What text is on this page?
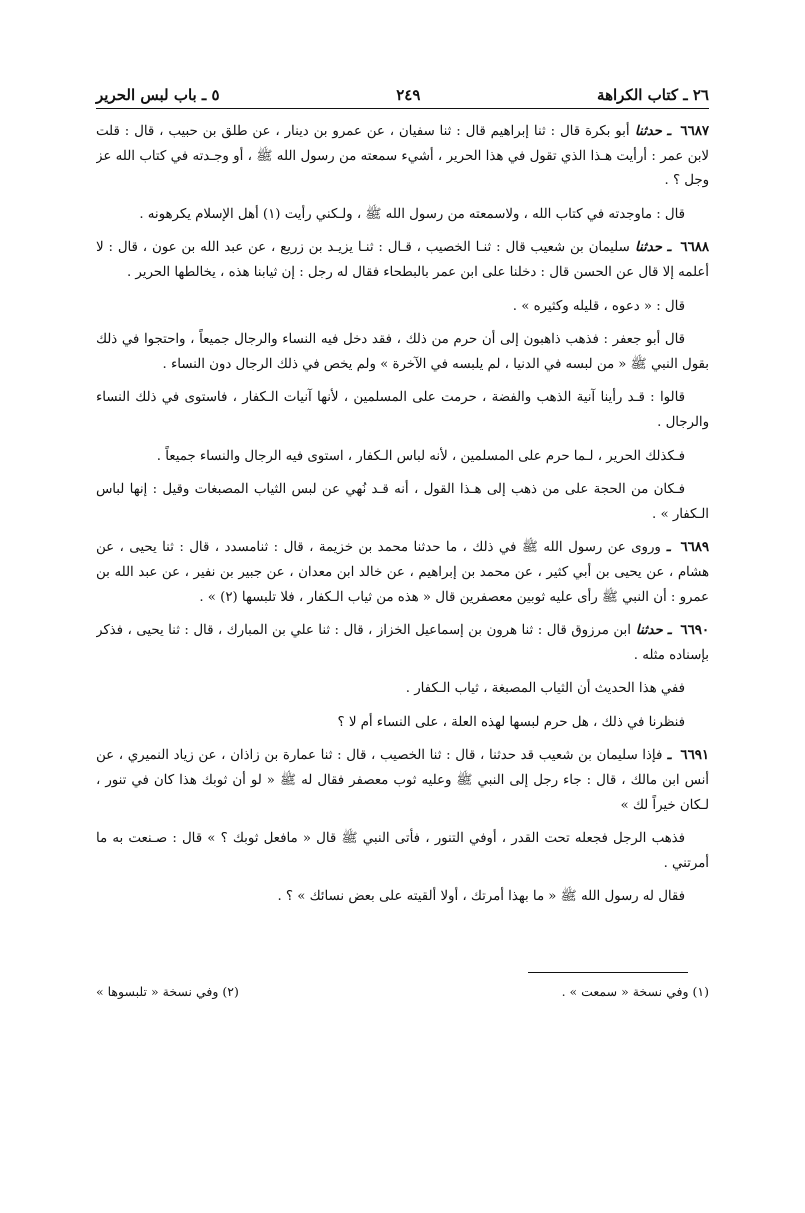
٢٦ ـ كتاب الكراهة
٢٤٩
٥ ـ باب لبس الحرير

٦٦٨٧ ـ حدثنا أبو بكرة قال : ثنا إبراهيم قال : ثنا سفيان ، عن عمرو بن دينار ، عن طلق بن حبيب ، قال : قلت لابن عمر : أرأيت هـذا الذي تقول في هذا الحرير ، أشيء سمعته من رسول الله ﷺ ، أو وجـدته في كتاب الله عز وجل ؟ .

قال : ماوجدته في كتاب الله ، ولاسمعته من رسول الله ﷺ ، ولـكني رأيت (١) أهل الإسلام يكرهونه .

٦٦٨٨ ـ حدثنا سليمان بن شعيب قال : ثنـا الخصيب ، قـال : ثنـا يزيـد بن زريع ، عن عبد الله بن عون ، قال : لا أعلمه إلا قال عن الحسن قال : دخلنا على ابن عمر بالبطحاء فقال له رجل : إن ثيابنا هذه ، يخالطها الحرير .

قال : « دعوه ، قليله وكثيره » .

قال أبو جعفر : فذهب ذاهبون إلى أن حرم من ذلك ، فقد دخل فيه النساء والرجال جميعاً ، واحتجوا في ذلك بقول النبي ﷺ « من لبسه في الدنيا ، لم يلبسه في الآخرة » ولم يخص في ذلك الرجال دون النساء .

قالوا : قـد رأينا آنية الذهب والفضة ، حرمت على المسلمين ، لأنها آنيات الـكفار ، فاستوى في ذلك النساء والرجال .

فـكذلك الحرير ، لـما حرم على المسلمين ، لأنه لباس الـكفار ، استوى فيه الرجال والنساء جميعاً .

فـكان من الحجة على من ذهب إلى هـذا القول ، أنه قـد نُهي عن لبس الثياب المصبغات وقيل : إنها لباس الـكفار » .

٦٦٨٩ ـ وروى عن رسول الله ﷺ في ذلك ، ما حدثنا محمد بن خزيمة ، قال : ثنامسدد ، قال : ثنا يحيى ، عن هشام ، عن يحيى بن أبي كثير ، عن محمد بن إبراهيم ، عن خالد ابن معدان ، عن جبير بن نفير ، عن عبد الله بن عمرو : أن النبي ﷺ رأى عليه ثوبين معصفرين قال « هذه من ثياب الـكفار ، فلا تلبسها (٢) » .

٦٦٩٠ ـ حدثنا ابن مرزوق قال : ثنا هرون بن إسماعيل الخزاز ، قال : ثنا علي بن المبارك ، قال : ثنا يحيى ، فذكر بإسناده مثله .

ففي هذا الحديث أن الثياب المصبغة ، ثياب الـكفار .

فنظرنا في ذلك ، هل حرم لبسها لهذه العلة ، على النساء أم لا ؟

٦٦٩١ ـ فإذا سليمان بن شعيب قد حدثنا ، قال : ثنا الخصيب ، قال : ثنا عمارة بن زاذان ، عن زياد النميري ، عن أنس ابن مالك ، قال : جاء رجل إلى النبي ﷺ وعليه ثوب معصفر فقال له ﷺ « لو أن ثوبك هذا كان في تنور ، لـكان خيراً لك »

فذهب الرجل فجعله تحت القدر ، أوفي التنور ، فأتى النبي ﷺ قال « مافعل ثوبك ؟ » قال : صـنعت به ما أمرتني .

فقال له رسول الله ﷺ « ما بهذا أمرتك ، أولا ألقيته على بعض نسائك » ؟ .

(١) وفي نسخة « سمعت » .
(٢) وفي نسخة « تلبسوها »
